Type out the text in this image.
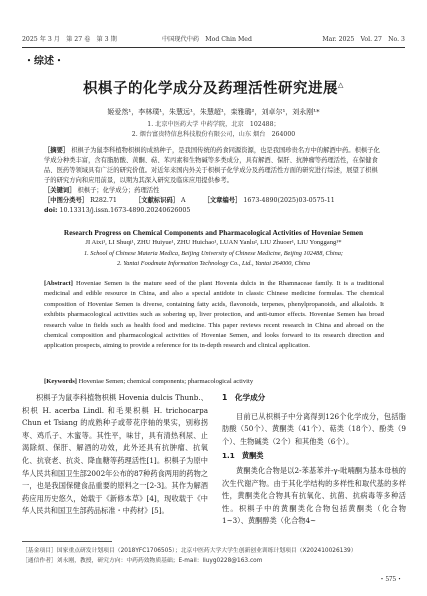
2025 年 3 月　第 27 卷　第 3 期	中国现代中药　Mod Chin Med	Mar. 2025　Vol. 27　No. 3
・综述・
枳椇子的化学成分及药理活性研究进展△
姬爱然¹，李林璞¹，朱慧远¹，朱慧超¹，栾雅璐²，刘卓尔¹，刘永刚¹*
1. 北京中医药大学 中药学院，北京　102488；
2. 烟台富贵特信息科技股份有限公司，山东 烟台　264000
［摘要］ 枳椇子为鼠李科植物枳椇的成熟种子，是我国传统的药食同源资源，也是我国珍贵名方中的解酒中药。枳椇子化学成分种类丰富，含有脂肪酸、黄酮、萜、苯丙素和生物碱等多类成分，具有解酒、保肝、抗肿瘤等药理活性，在保健食品、医药等领域具有广泛的研究价值。对近年来国内外关于枳椇子化学成分及药理活性方面的研究进行综述，展望了枳椇子的研究方向和应用前景，以期为其深入研究及临床应用提供参考。
［关键词］ 枳椇子；化学成分；药理活性
［中图分类号］ R282.71	［文献标识码］ A	［文章编号］ 1673-4890(2025)03-0575-11
doi: 10.13313/j.issn.1673-4890.20240626005
Research Progress on Chemical Components and Pharmacological Activities of Hoveniae Semen
JI Aixi¹, LI Shuqi¹, ZHU Huiyue¹, ZHU Huichao¹, LUAN Yanlu², LIU Zhuoer¹, LIU Yonggang¹*
1. School of Chinese Materia Medica, Beijing University of Chinese Medicine, Beijing 102488, China;
2. Yantai Foodmate Information Technology Co., Ltd., Yantai 264000, China
[Abstract] Hoveniae Semen is the mature seed of the plant Hovenia dulcis in the Rhamnaceae family. It is a traditional medicinal and edible resource in China, and also a special antidote in classic Chinese medicine formulas. The chemical composition of Hoveniae Semen is diverse, containing fatty acids, flavonoids, terpenes, phenylpropanoids, and alkaloids. It exhibits pharmacological activities such as sobering up, liver protection, and anti-tumor effects. Hoveniae Semen has broad research value in fields such as health food and medicine. This paper reviews recent research in China and abroad on the chemical composition and pharmacological activities of Hoveniae Semen, and looks forward to its research direction and application prospects, aiming to provide a reference for its in-depth research and clinical application.
[Keywords] Hoveniae Semen; chemical components; pharmacological activity

枳椇子为鼠李科植物枳椇 Hovenia dulcis Thunb.、枳枳 H. acerba Lindl. 和毛果枳椇 H. trichocarpa Chun et Tsiang 的成熟种子或带花序轴的果实，别称拐枣、鸡爪子、木蜜等。其性平，味甘，具有清热利尿、止渴除烦、保肝、解酒的功效，此外还具有抗肿瘤、抗氧化、抗衰老、抗炎、降血糖等药理活性[1]。枳椇子为原中华人民共和国卫生部2002年公布的87种药食两用的药物之一，也是我国保健食品重要的原料之一[2-3]。其作为解酒药应用历史悠久，始载于《新修本草》[4]，现收载于《中华人民共和国卫生部药品标准・中药材》[5]。

1　化学成分

目前已从枳椇子中分离得到126个化学成分，包括脂肪酸（50个）、黄酮类（41个）、萜类（18个）、酚类（9个）、生物碱类（2个）和其他类（6个）。

1.1　黄酮类

黄酮类化合物是以2-苯基苯并-γ-吡喃酮为基本母核的次生代谢产物。由于其化学结构的多样性和取代基的多样性，黄酮类化合物具有抗氧化、抗菌、抗病毒等多种活性。枳椇子中的黄酮类化合物包括黄酮类（化合物1~3）、黄酮醇类（化合物4~

［基金项目］国家重点研发计划项目（2018YFC1706505）；北京中医药大学大学生创新创业训练计划项目（X202410026139）
［通信作者］刘永刚，教授，研究方向：中药药效物质基础；E-mail：liuyg0228@163.com
・575・
